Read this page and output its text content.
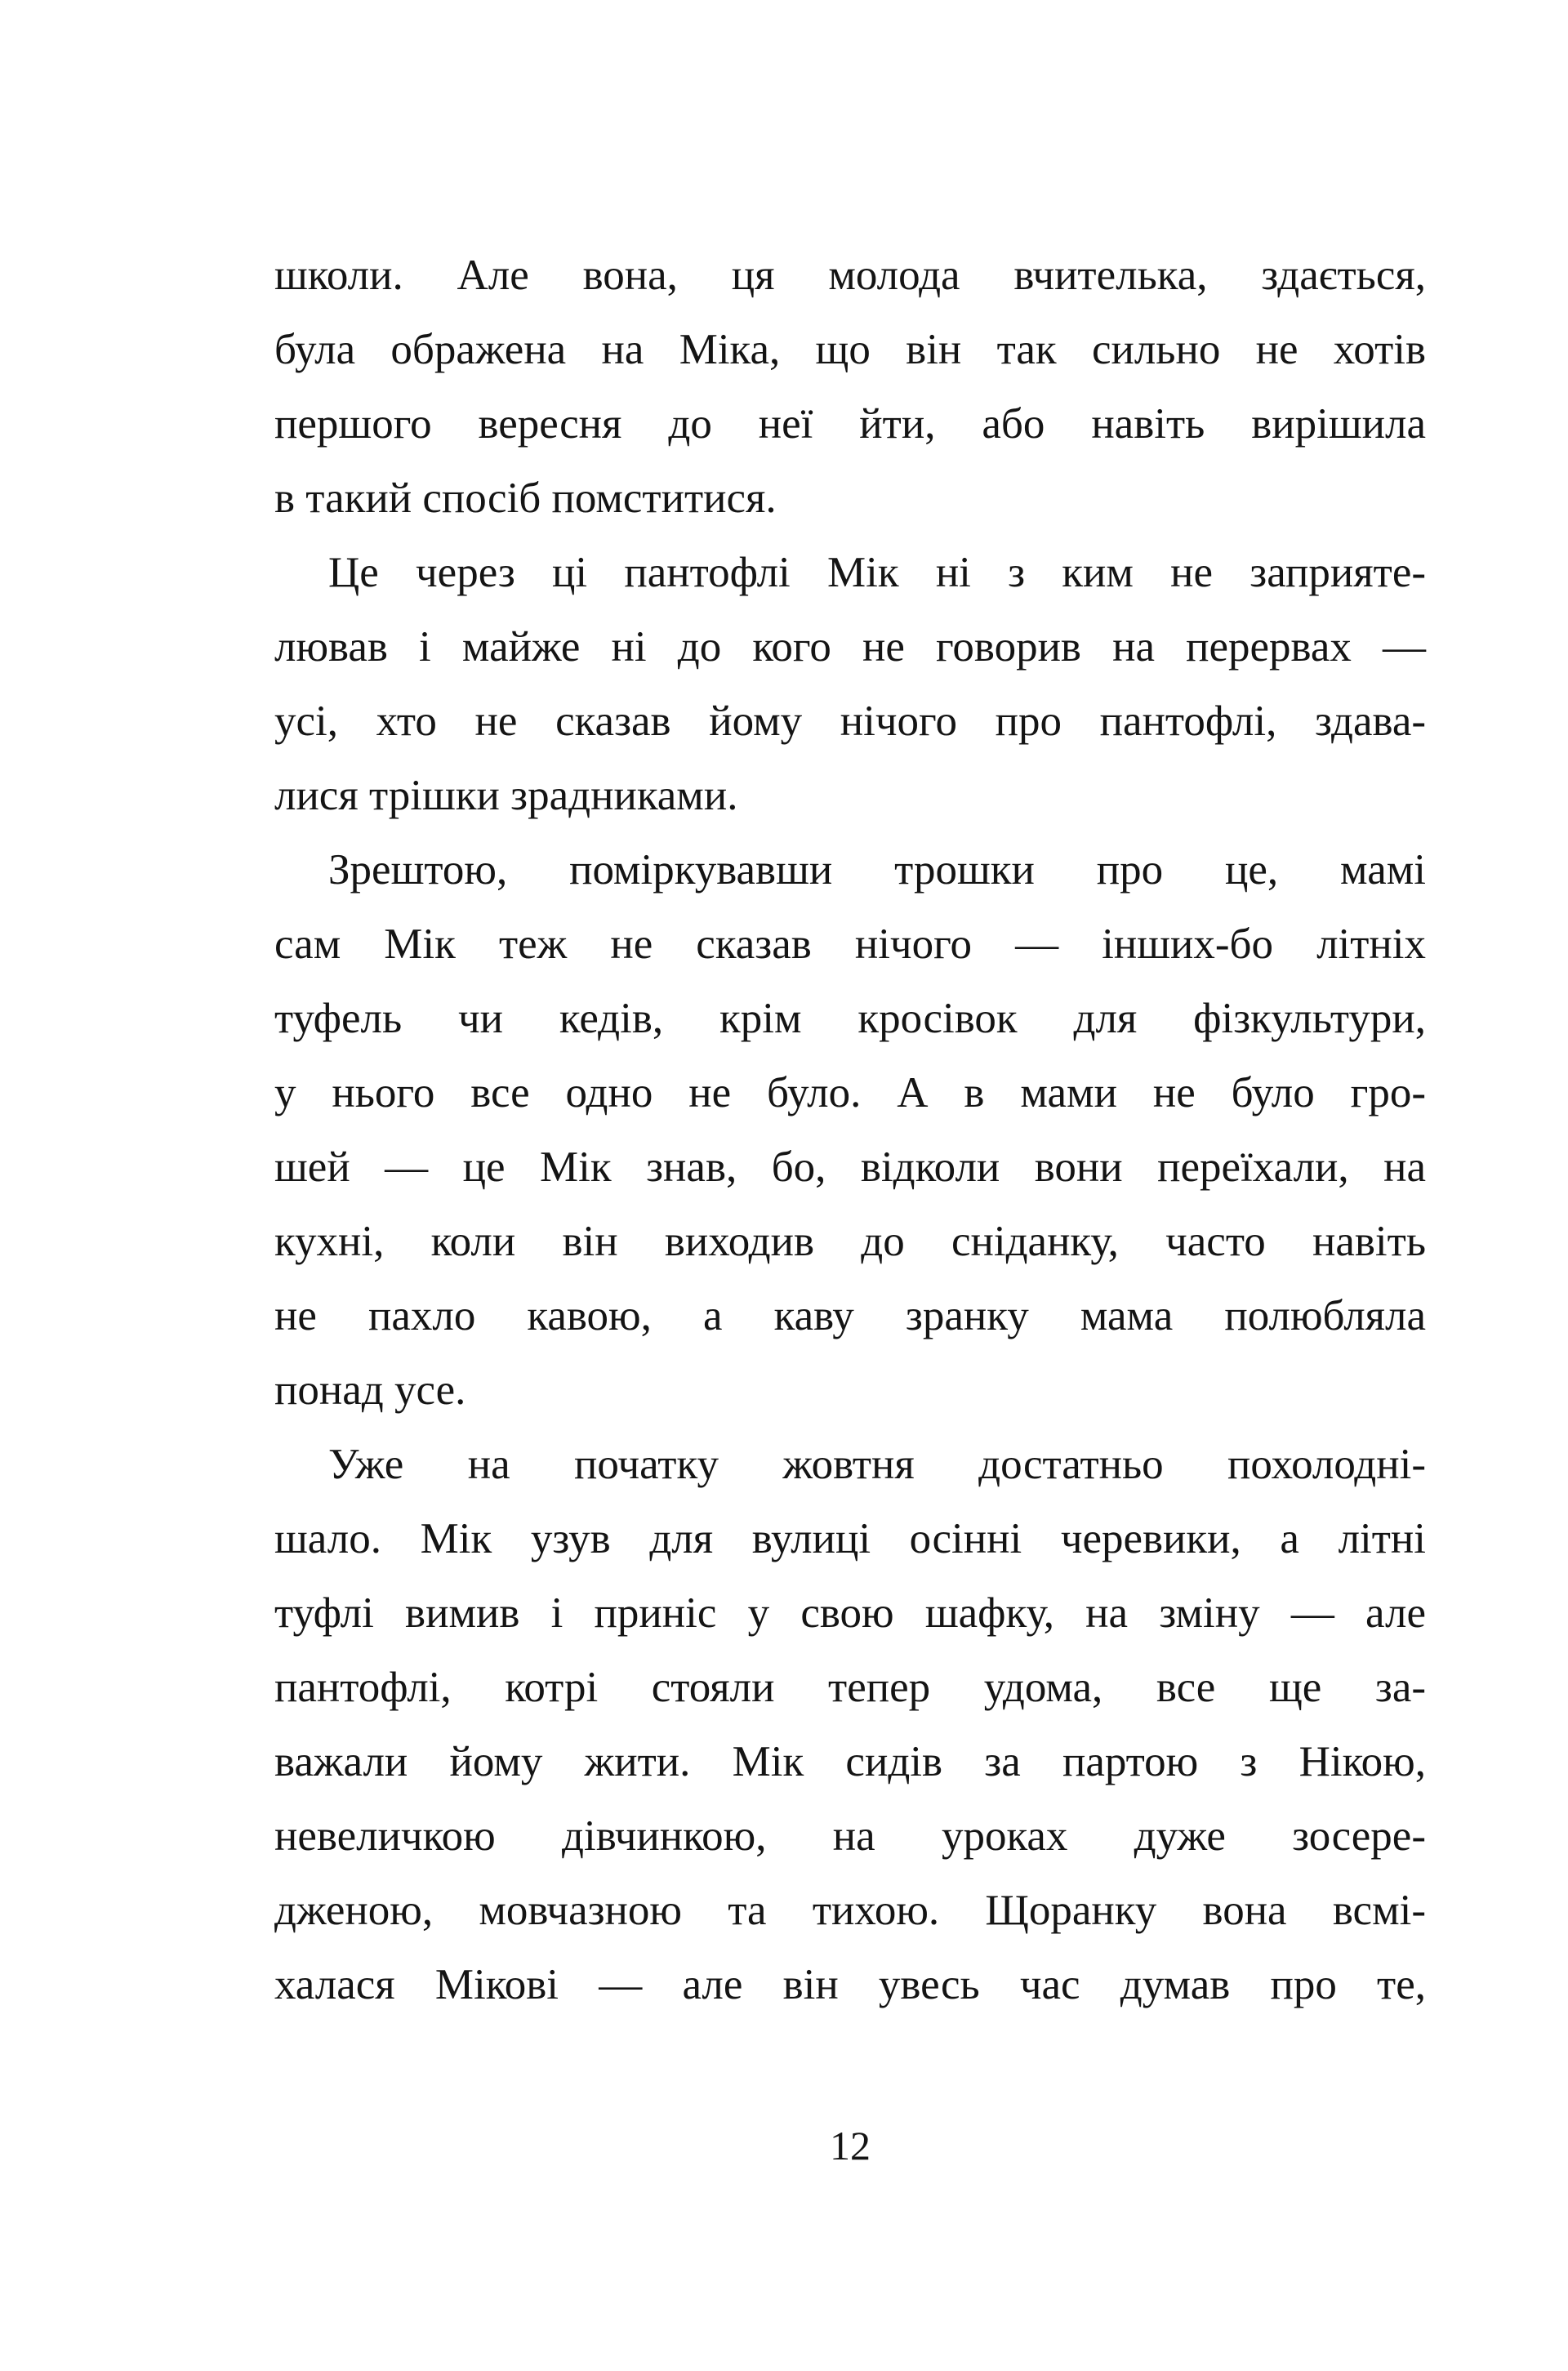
школи. Але вона, ця молода вчителька, здається,
була ображена на Міка, що він так сильно не хотів
першого вересня до неї йти, або навіть вирішила
в такий спосіб помститися.
Це через ці пантофлі Мік ні з ким не заприяте-
лював і майже ні до кого не говорив на перервах —
усі, хто не сказав йому нічого про пантофлі, здава-
лися трішки зрадниками.
Зрештою, поміркувавши трошки про це, мамі
сам Мік теж не сказав нічого — інших-бо літніх
туфель чи кедів, крім кросівок для фізкультури,
у нього все одно не було. А в мами не було гро-
шей — це Мік знав, бо, відколи вони переїхали, на
кухні, коли він виходив до сніданку, часто навіть
не пахло кавою, а каву зранку мама полюбляла
понад усе.
Уже на початку жовтня достатньо похолодні-
шало. Мік узув для вулиці осінні черевики, а літні
туфлі вимив і приніс у свою шафку, на зміну — але
пантофлі, котрі стояли тепер удома, все ще за-
важали йому жити. Мік сидів за партою з Нікою,
невеличкою дівчинкою, на уроках дуже зосере-
дженою, мовчазною та тихою. Щоранку вона всмі-
халася Мікові — але він увесь час думав про те,
12
